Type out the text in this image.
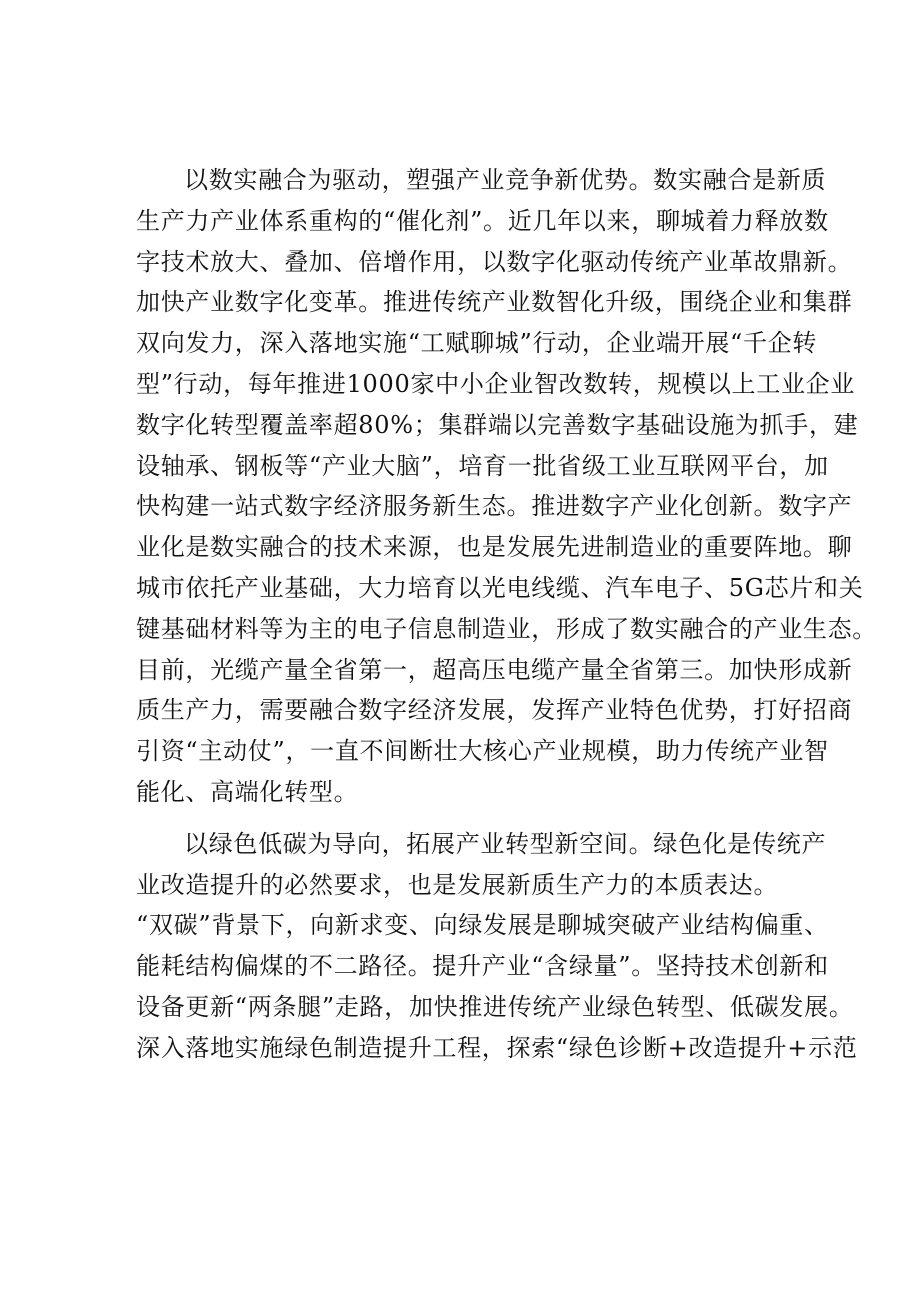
以数实融合为驱动，塑强产业竞争新优势。数实融合是新质
生产力产业体系重构的“催化剂”。近几年以来，聊城着力释放数
字技术放大、叠加、倍增作用，以数字化驱动传统产业革故鼎新。
加快产业数字化变革。推进传统产业数智化升级，围绕企业和集群
双向发力，深入落地实施“工赋聊城”行动，企业端开展“千企转
型”行动，每年推进1000家中小企业智改数转，规模以上工业企业
数字化转型覆盖率超80%；集群端以完善数字基础设施为抓手，建
设轴承、钢板等“产业大脑”，培育一批省级工业互联网平台，加
快构建一站式数字经济服务新生态。推进数字产业化创新。数字产
业化是数实融合的技术来源，也是发展先进制造业的重要阵地。聊
城市依托产业基础，大力培育以光电线缆、汽车电子、5G芯片和关
键基础材料等为主的电子信息制造业，形成了数实融合的产业生态。
目前，光缆产量全省第一，超高压电缆产量全省第三。加快形成新
质生产力，需要融合数字经济发展，发挥产业特色优势，打好招商
引资“主动仗”，一直不间断壮大核心产业规模，助力传统产业智
能化、高端化转型。
以绿色低碳为导向，拓展产业转型新空间。绿色化是传统产
业改造提升的必然要求，也是发展新质生产力的本质表达。
“双碳”背景下，向新求变、向绿发展是聊城突破产业结构偏重、
能耗结构偏煤的不二路径。提升产业“含绿量”。坚持技术创新和
设备更新“两条腿”走路，加快推进传统产业绿色转型、低碳发展。
深入落地实施绿色制造提升工程，探索“绿色诊断+改造提升+示范
